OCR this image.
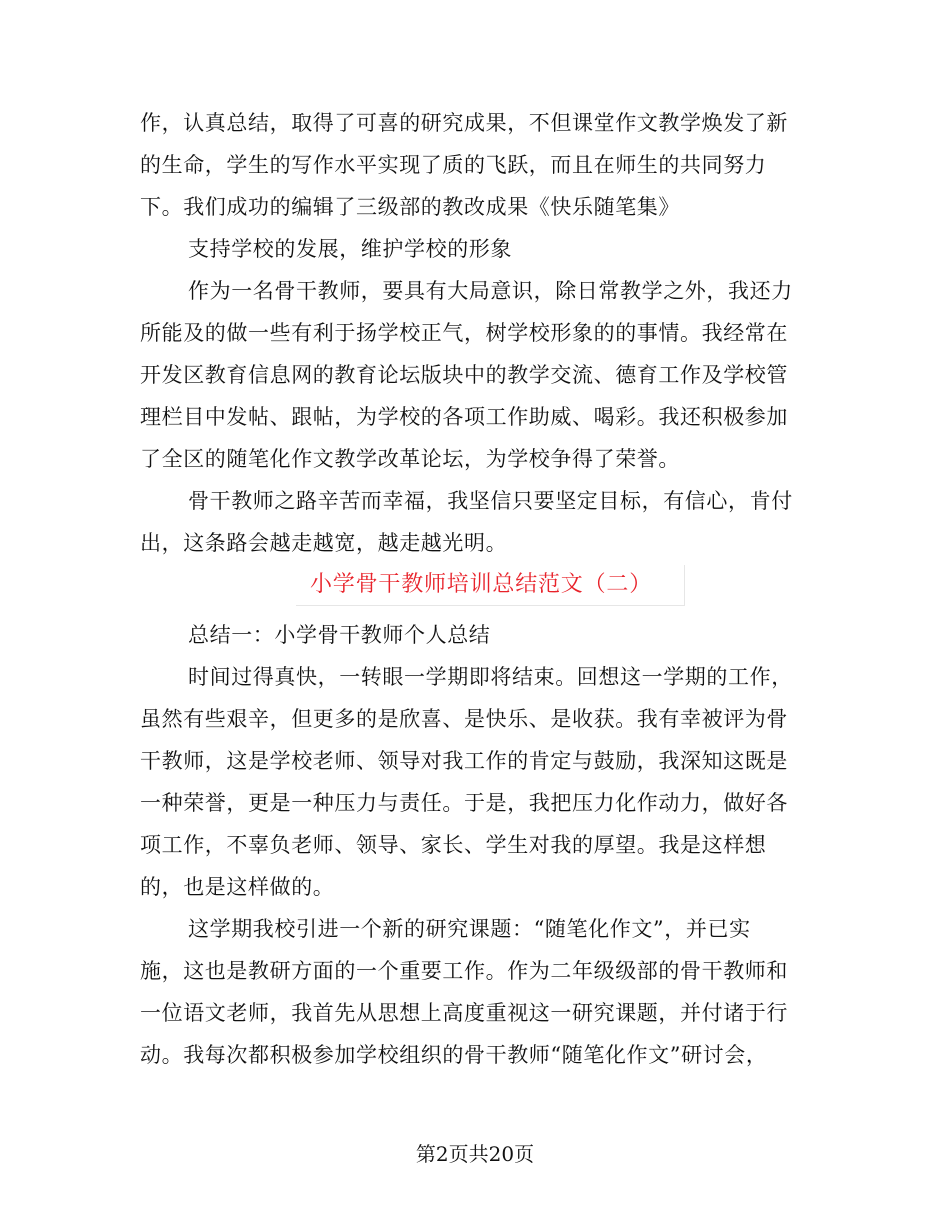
作，认真总结，取得了可喜的研究成果，不但课堂作文教学焕发了新
的生命，学生的写作水平实现了质的飞跃，而且在师生的共同努力
下。我们成功的编辑了三级部的教改成果《快乐随笔集》
支持学校的发展，维护学校的形象
作为一名骨干教师，要具有大局意识，除日常教学之外，我还力
所能及的做一些有利于扬学校正气，树学校形象的的事情。我经常在
开发区教育信息网的教育论坛版块中的教学交流、德育工作及学校管
理栏目中发帖、跟帖，为学校的各项工作助威、喝彩。我还积极参加
了全区的随笔化作文教学改革论坛，为学校争得了荣誉。
骨干教师之路辛苦而幸福，我坚信只要坚定目标，有信心，肯付
出，这条路会越走越宽，越走越光明。
小学骨干教师培训总结范文（二）
总结一：小学骨干教师个人总结
时间过得真快，一转眼一学期即将结束。回想这一学期的工作，
虽然有些艰辛，但更多的是欣喜、是快乐、是收获。我有幸被评为骨
干教师，这是学校老师、领导对我工作的肯定与鼓励，我深知这既是
一种荣誉，更是一种压力与责任。于是，我把压力化作动力，做好各
项工作，不辜负老师、领导、家长、学生对我的厚望。我是这样想
的，也是这样做的。
这学期我校引进一个新的研究课题：“随笔化作文”，并已实
施，这也是教研方面的一个重要工作。作为二年级级部的骨干教师和
一位语文老师，我首先从思想上高度重视这一研究课题，并付诸于行
动。我每次都积极参加学校组织的骨干教师“随笔化作文”研讨会，
第2页共20页
